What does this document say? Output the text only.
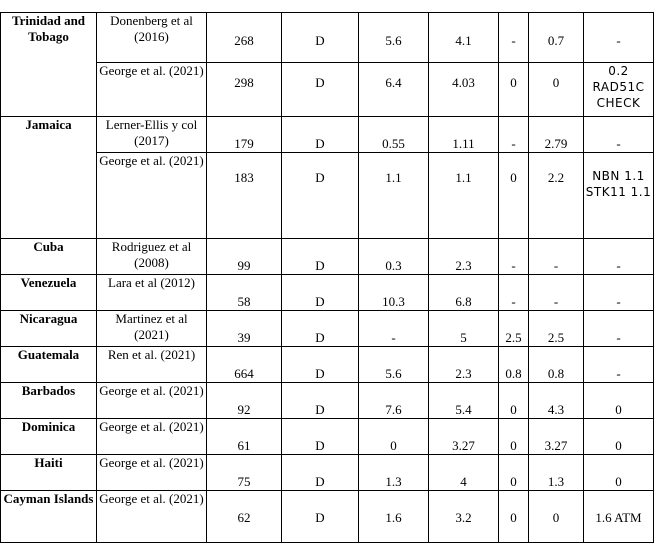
Trinidad and Tobago	Donenberg et al (2016)	268	D	5.6	4.1	-	0.7	-
	George et al. (2021)	298	D	6.4	4.03	0	0	0.2 RAD51C CHECK
Jamaica	Lerner-Ellis y col (2017)	179	D	0.55	1.11	-	2.79	-
	George et al. (2021)	183	D	1.1	1.1	0	2.2	NBN 1.1 STK11 1.1
Cuba	Rodriguez et al (2008)	99	D	0.3	2.3	-	-	-
Venezuela	Lara et al (2012)	58	D	10.3	6.8	-	-	-
Nicaragua	Martinez et al (2021)	39	D	-	5	2.5	2.5	-
Guatemala	Ren et al. (2021)	664	D	5.6	2.3	0.8	0.8	-
Barbados	George et al. (2021)	92	D	7.6	5.4	0	4.3	0
Dominica	George et al. (2021)	61	D	0	3.27	0	3.27	0
Haiti	George et al. (2021)	75	D	1.3	4	0	1.3	0
Cayman Islands	George et al. (2021)	62	D	1.6	3.2	0	0	1.6 ATM
